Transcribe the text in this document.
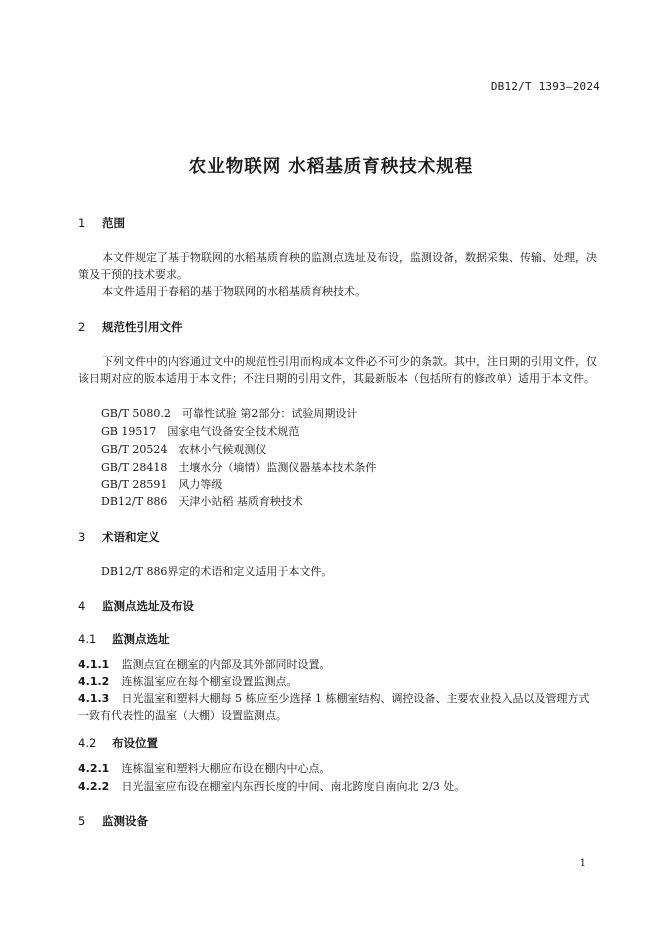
DB12/T 1393—2024
农业物联网 水稻基质育秧技术规程
1 范围
本文件规定了基于物联网的水稻基质育秧的监测点选址及布设，监测设备，数据采集、传输、处理，决策及干预的技术要求。
本文件适用于春稻的基于物联网的水稻基质育秧技术。
2 规范性引用文件
下列文件中的内容通过文中的规范性引用而构成本文件必不可少的条款。其中，注日期的引用文件，仅该日期对应的版本适用于本文件；不注日期的引用文件，其最新版本（包括所有的修改单）适用于本文件。
GB/T 5080.2　可靠性试验 第2部分：试验周期设计
GB 19517　国家电气设备安全技术规范
GB/T 20524　农林小气候观测仪
GB/T 28418　土壤水分（墒情）监测仪器基本技术条件
GB/T 28591　风力等级
DB12/T 886　天津小站稻 基质育秧技术
3 术语和定义
DB12/T 886界定的术语和定义适用于本文件。
4 监测点选址及布设
4.1 监测点选址
4.1.1 监测点宜在棚室的内部及其外部同时设置。
4.1.2 连栋温室应在每个棚室设置监测点。
4.1.3 日光温室和塑料大棚每 5 栋应至少选择 1 栋棚室结构、调控设备、主要农业投入品以及管理方式一致有代表性的温室（大棚）设置监测点。
4.2 布设位置
4.2.1 连栋温室和塑料大棚应布设在棚内中心点。
4.2.2 日光温室应布设在棚室内东西长度的中间、南北跨度自南向北 2/3 处。
5 监测设备
1
